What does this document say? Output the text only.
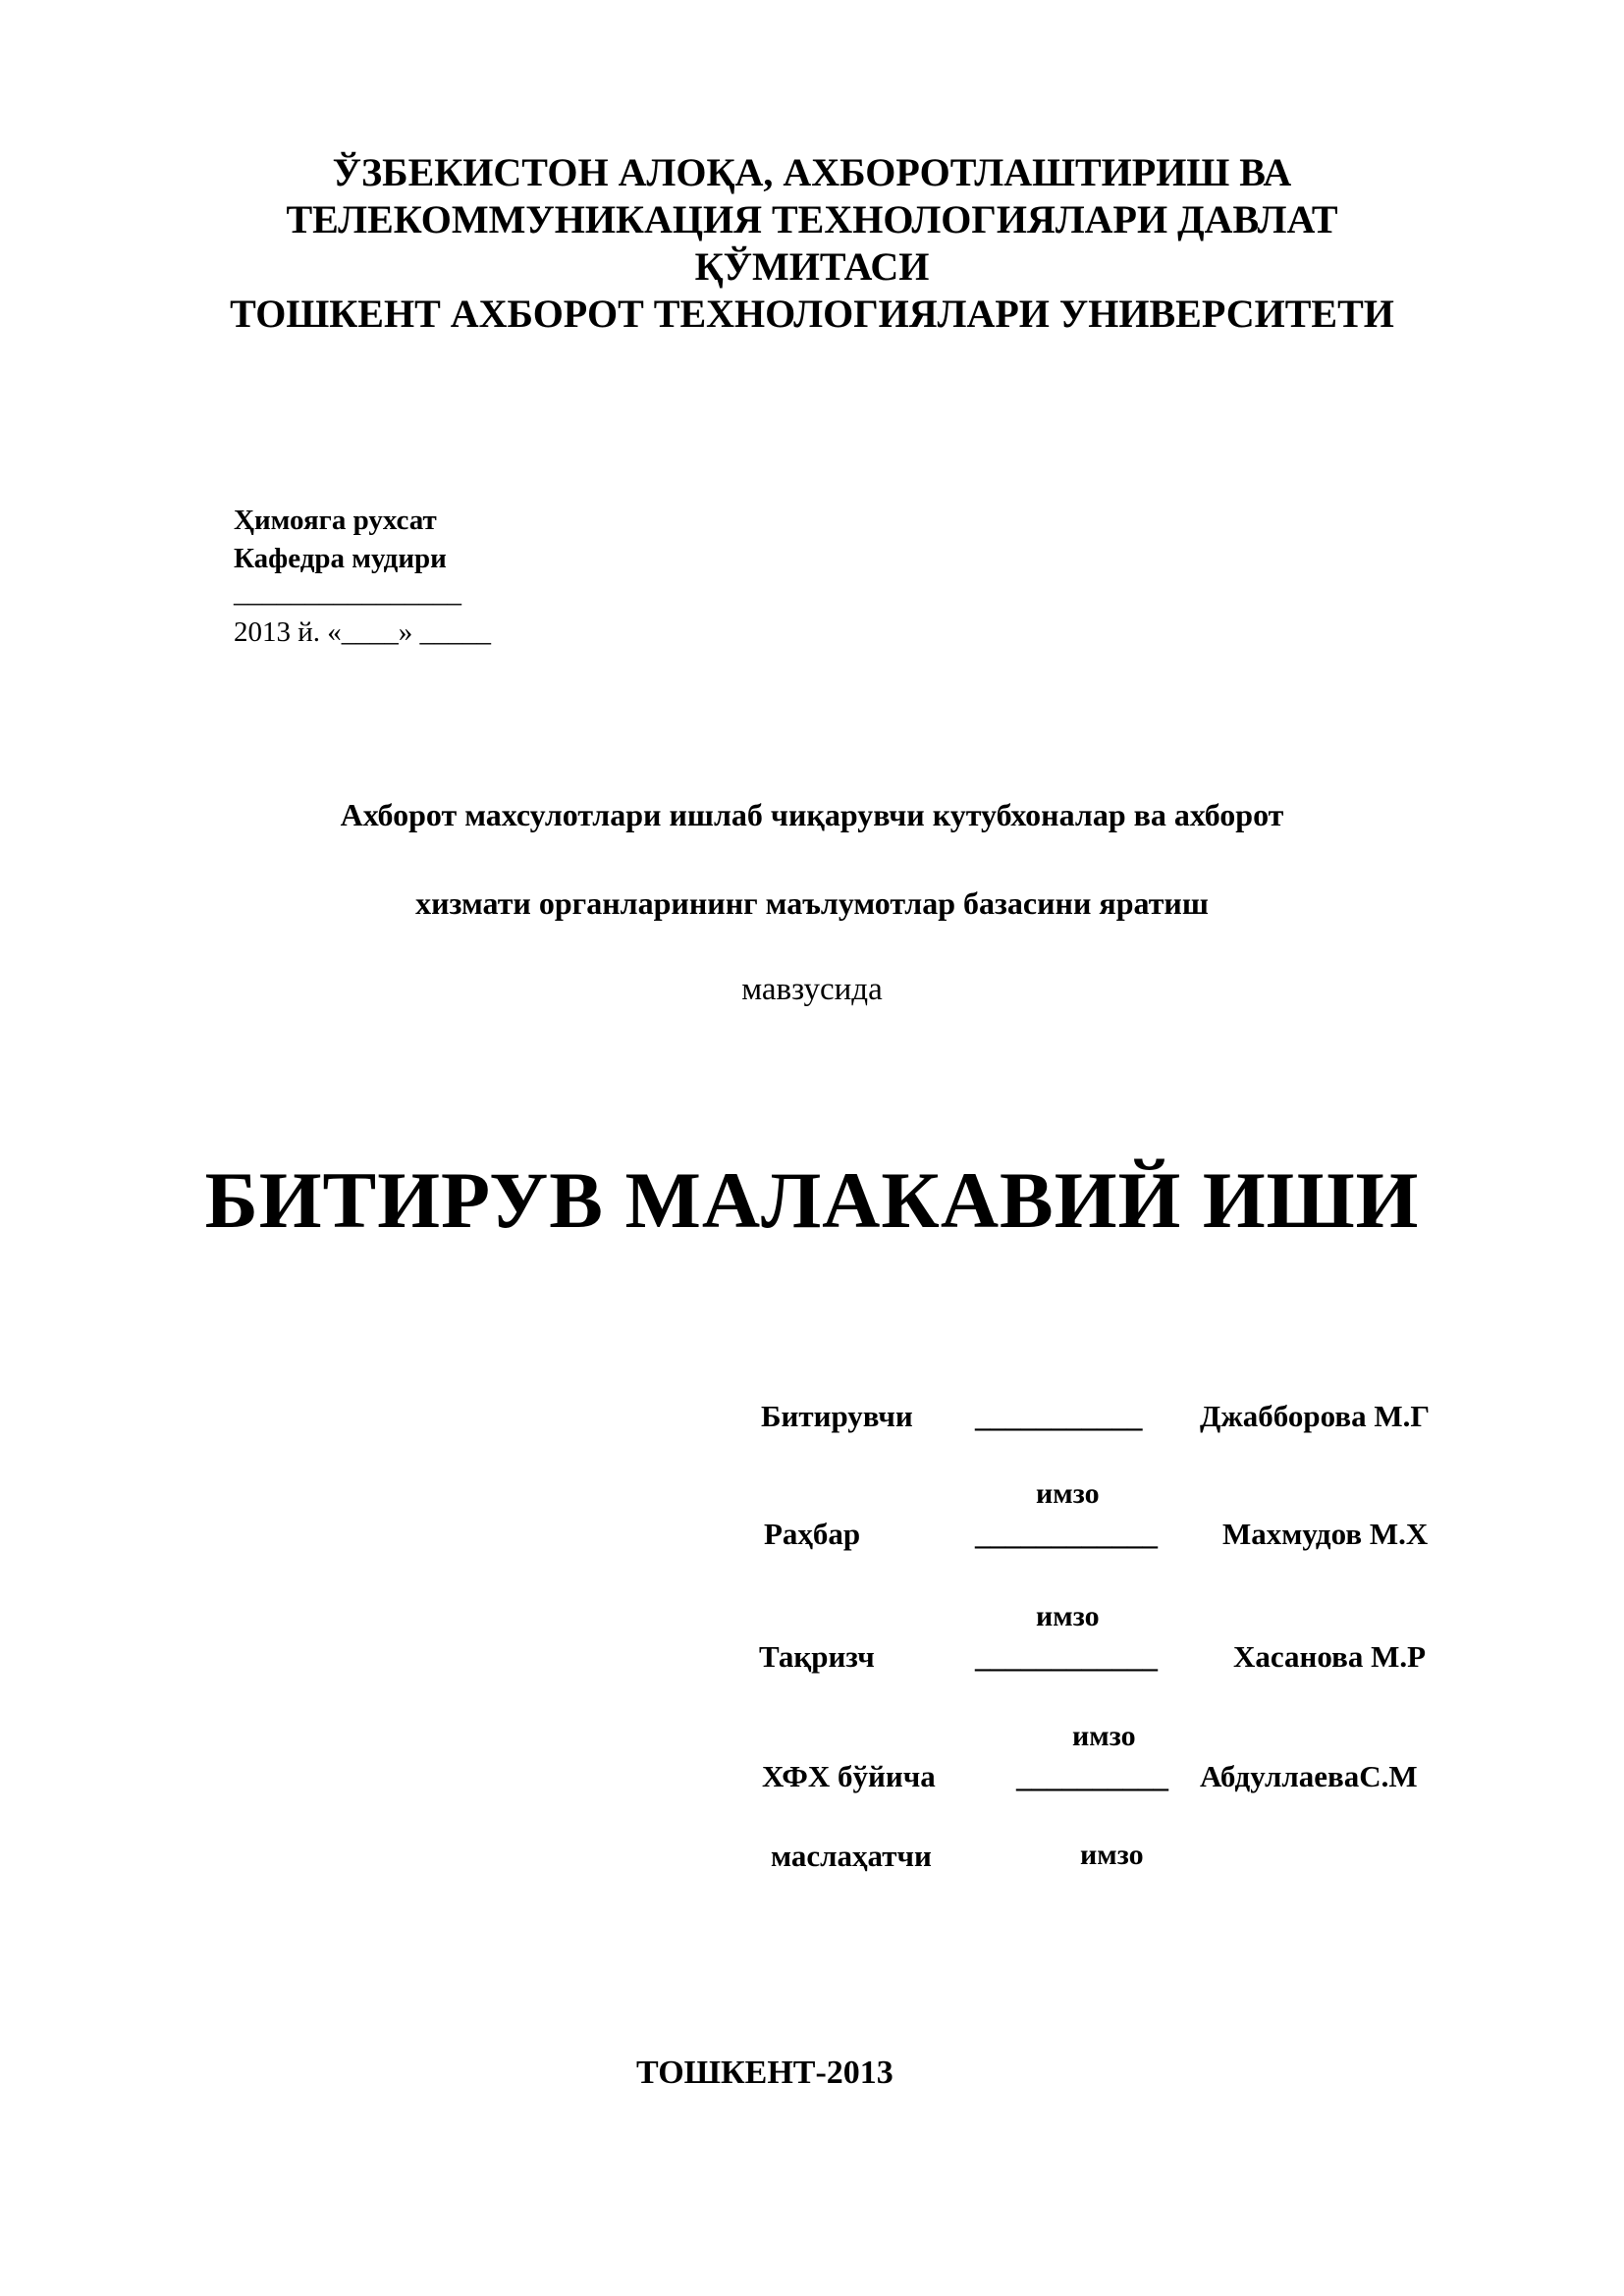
ЎЗБЕКИСТОН АЛОҚА, АХБОРОТЛАШТИРИШ ВА
ТЕЛЕКОММУНИКАЦИЯ ТЕХНОЛОГИЯЛАРИ ДАВЛАТ
ҚЎМИТАСИ
ТОШКЕНТ АХБОРОТ ТЕХНОЛОГИЯЛАРИ УНИВЕРСИТЕТИ
Ҳимояга рухсат
Кафедра мудири
________________
2013 й. «____» _____
Ахборот махсулотлари ишлаб чиқарувчи кутубхоналар ва ахборот
хизмати органларининг маълумотлар базасини яратиш
мавзусида
БИТИРУВ МАЛАКАВИЙ ИШИ
Битирувчи ___________ Джабборова М.Г
имзо
Раҳбар	____________ Махмудов М.Х
имзо
Тақризч	____________ Хасанова М.Р
имзо
ХФХ бўйича	__________ АбдуллаеваС.М
маслаҳатчи	имзо
ТОШКЕНТ-2013
